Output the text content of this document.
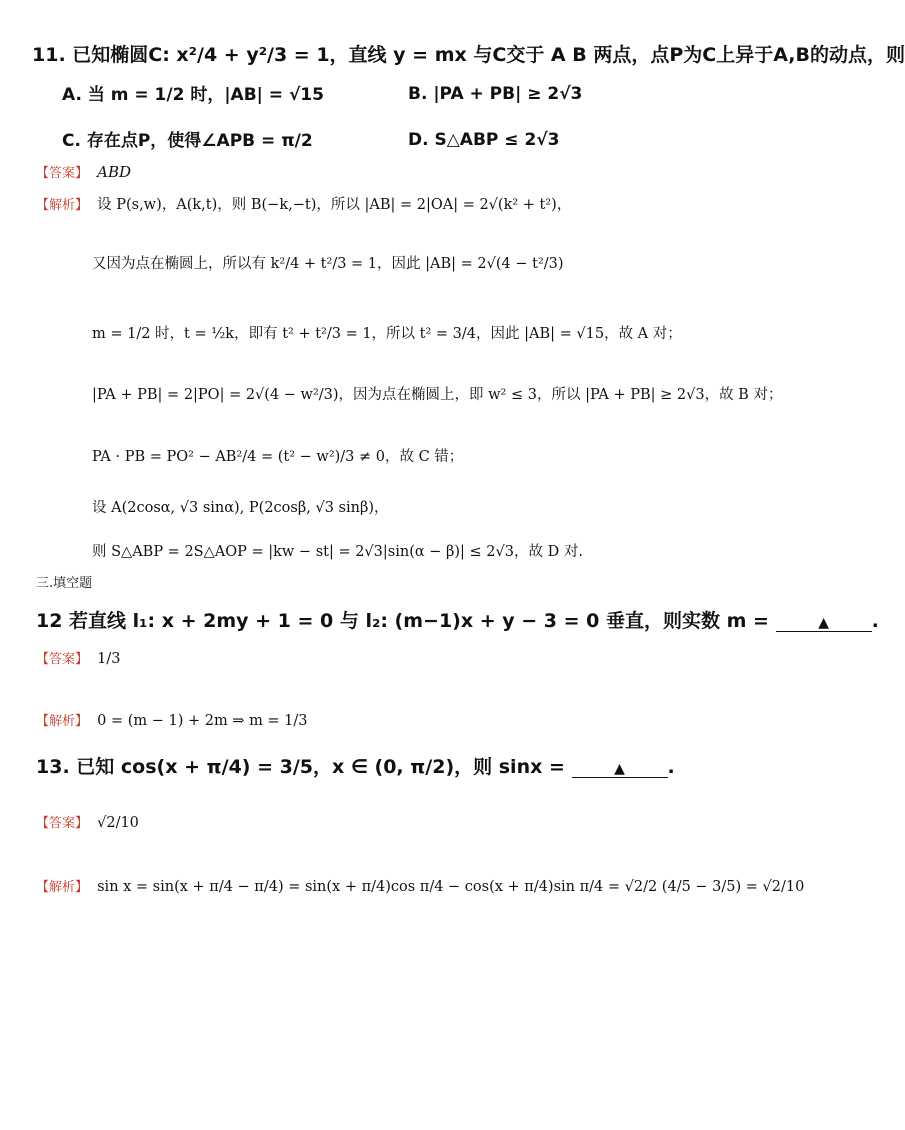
11. 已知椭圆C: x²/4 + y²/3 = 1，直线 y = mx 与C交于 A B 两点，点P为C上异于A,B的动点，则
A. 当 m = 1/2 时，|AB| = √15	B. |PA + PB| ≥ 2√3
C. 存在点P，使得∠APB = π/2	D. S△ABP ≤ 2√3
【答案】 ABD
【解析】 设 P(s,w)，A(k,t)，则 B(−k,−t)，所以 |AB| = 2|OA| = 2√(k² + t²)，
又因为点在椭圆上，所以有 k²/4 + t²/3 = 1，因此 |AB| = 2√(4 − t²/3)
m = 1/2 时，t = ½k，即有 t² + t²/3 = 1，所以 t² = 3/4，因此 |AB| = √15，故 A 对；
|PA + PB| = 2|PO| = 2√(4 − w²/3)，因为点在椭圆上，即 w² ≤ 3，所以 |PA + PB| ≥ 2√3，故 B 对；
PA · PB = PO² − AB²/4 = (t² − w²)/3 ≠ 0，故 C 错；
设 A(2cosα, √3 sinα), P(2cosβ, √3 sinβ)，
则 S△ABP = 2S△AOP = |kw − st| = 2√3|sin(α − β)| ≤ 2√3，故 D 对.
三.填空题
12 若直线 l₁: x + 2my + 1 = 0 与 l₂: (m−1)x + y − 3 = 0 垂直，则实数 m =	▲ .
【答案】 1/3
【解析】 0 = (m − 1) + 2m ⇒ m = 1/3
13. 已知 cos(x + π/4) = 3/5，x ∈ (0, π/2)，则 sinx =	▲ .
【答案】 √2/10
【解析】 sin x = sin(x + π/4 − π/4) = sin(x + π/4)cos π/4 − cos(x + π/4)sin π/4 = √2/2 (4/5 − 3/5) = √2/10
